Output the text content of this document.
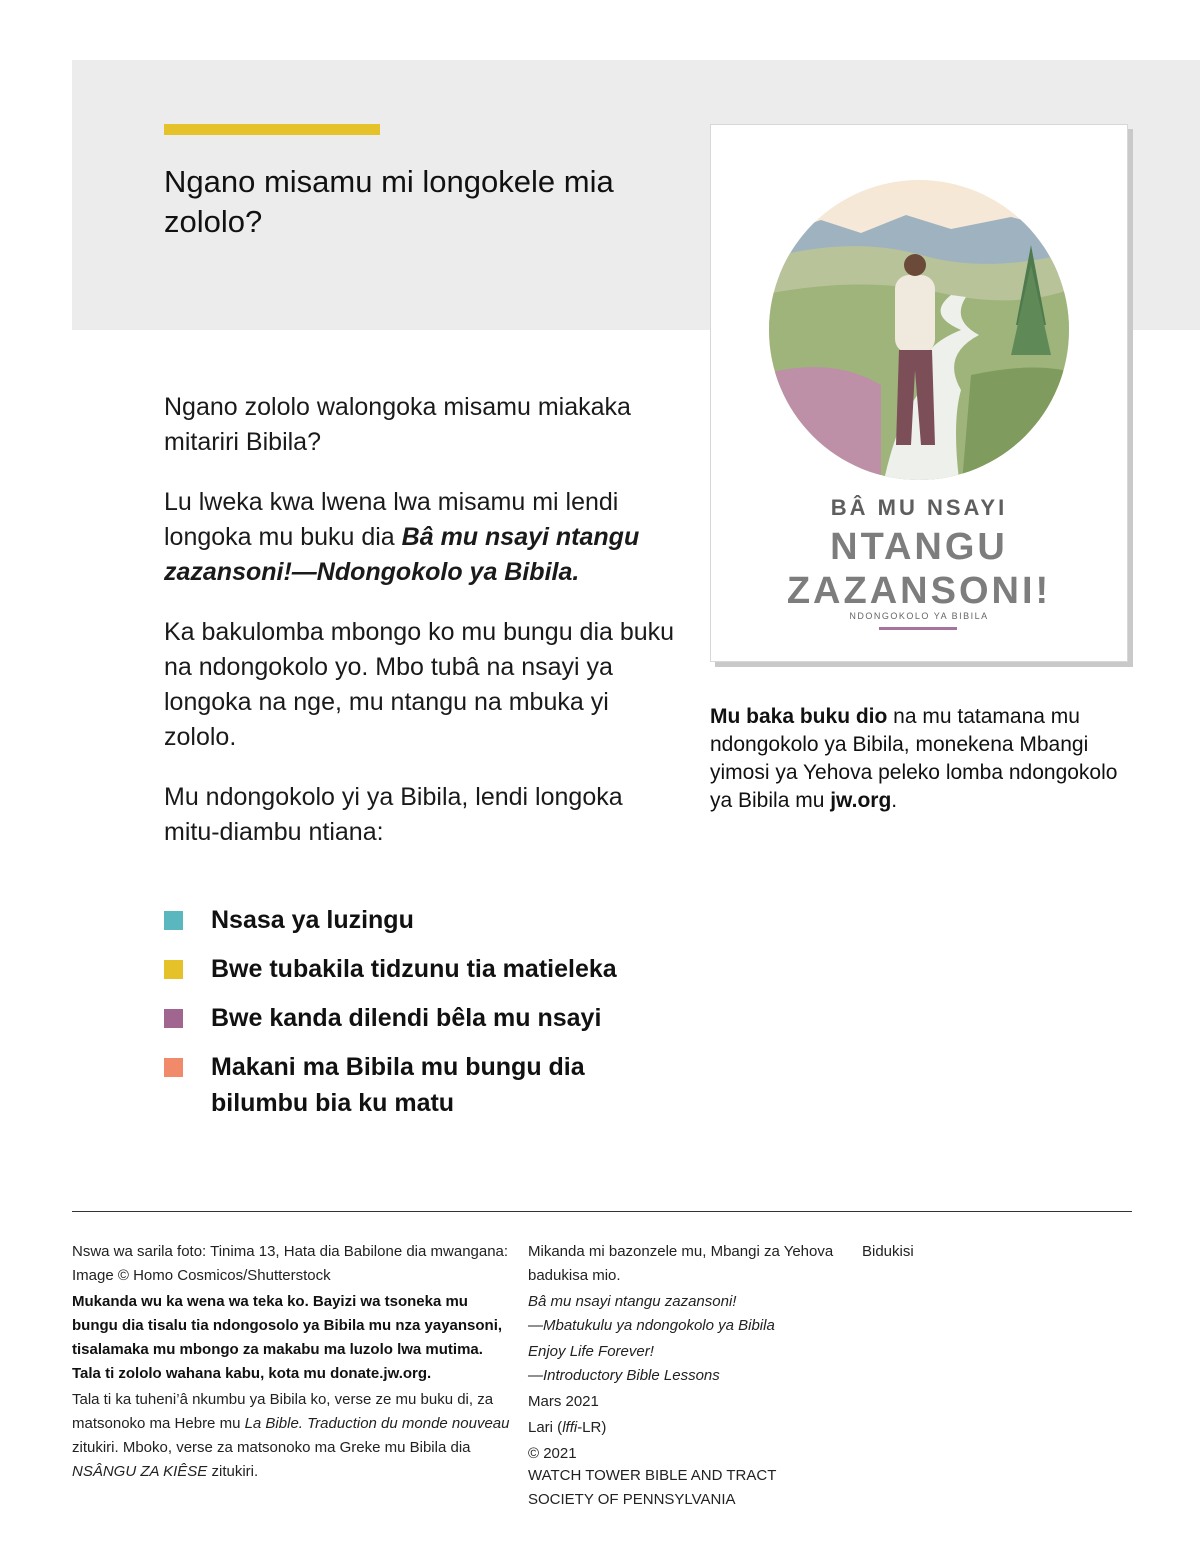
Ngano misamu mi longokele mia zololo?

Ngano zololo walongoka misamu miakaka mitariri Bibila?

Lu lweka kwa lwena lwa misamu mi lendi longoka mu buku dia Bâ mu nsayi ntangu zazansoni!—Ndongokolo ya Bibila.

Ka bakulomba mbongo ko mu bungu dia buku na ndongokolo yo. Mbo tubâ na nsayi ya longoka na nge, mu ntangu na mbuka yi zololo.

Mu ndongokolo yi ya Bibila, lendi longoka mitu-diambu ntiana:

Nsasa ya luzingu
Bwe tubakila tidzunu tia matieleka
Bwe kanda dilendi bêla mu nsayi
Makani ma Bibila mu bungu dia bilumbu bia ku matu
BÂ MU NSAYI
NTANGU
ZAZANSONI!
NDONGOKOLO YA BIBILA

Mu baka buku dio na mu tatamana mu ndongokolo ya Bibila, monekena Mbangi yimosi ya Yehova peleko lomba ndongokolo ya Bibila mu jw.org.

Nswa wa sarila foto: Tinima 13, Hata dia Babilone dia mwangana: Image © Homo Cosmicos/Shutterstock

Mukanda wu ka wena wa teka ko. Bayizi wa tsoneka mu bungu dia tisalu tia ndongosolo ya Bibila mu nza yayansoni, tisalamaka mu mbongo za makabu ma luzolo lwa mutima. Tala ti zololo wahana kabu, kota mu donate.jw.org.

Tala ti ka tuheni’â nkumbu ya Bibila ko, verse ze mu buku di, za matsonoko ma Hebre mu La Bible. Traduction du monde nouveau zitukiri. Mboko, verse za matsonoko ma Greke mu Bibila dia NSÂNGU ZA KIÊSE zitukiri.

Mikanda mi bazonzele mu, Mbangi za Yehova badukisa mio.

Bâ mu nsayi ntangu zazansoni!
—Mbatukulu ya ndongokolo ya Bibila

Enjoy Life Forever!
—Introductory Bible Lessons

Mars 2021

Lari (lffi-LR)

© 2021

WATCH TOWER BIBLE AND TRACT SOCIETY OF PENNSYLVANIA

Bidukisi
